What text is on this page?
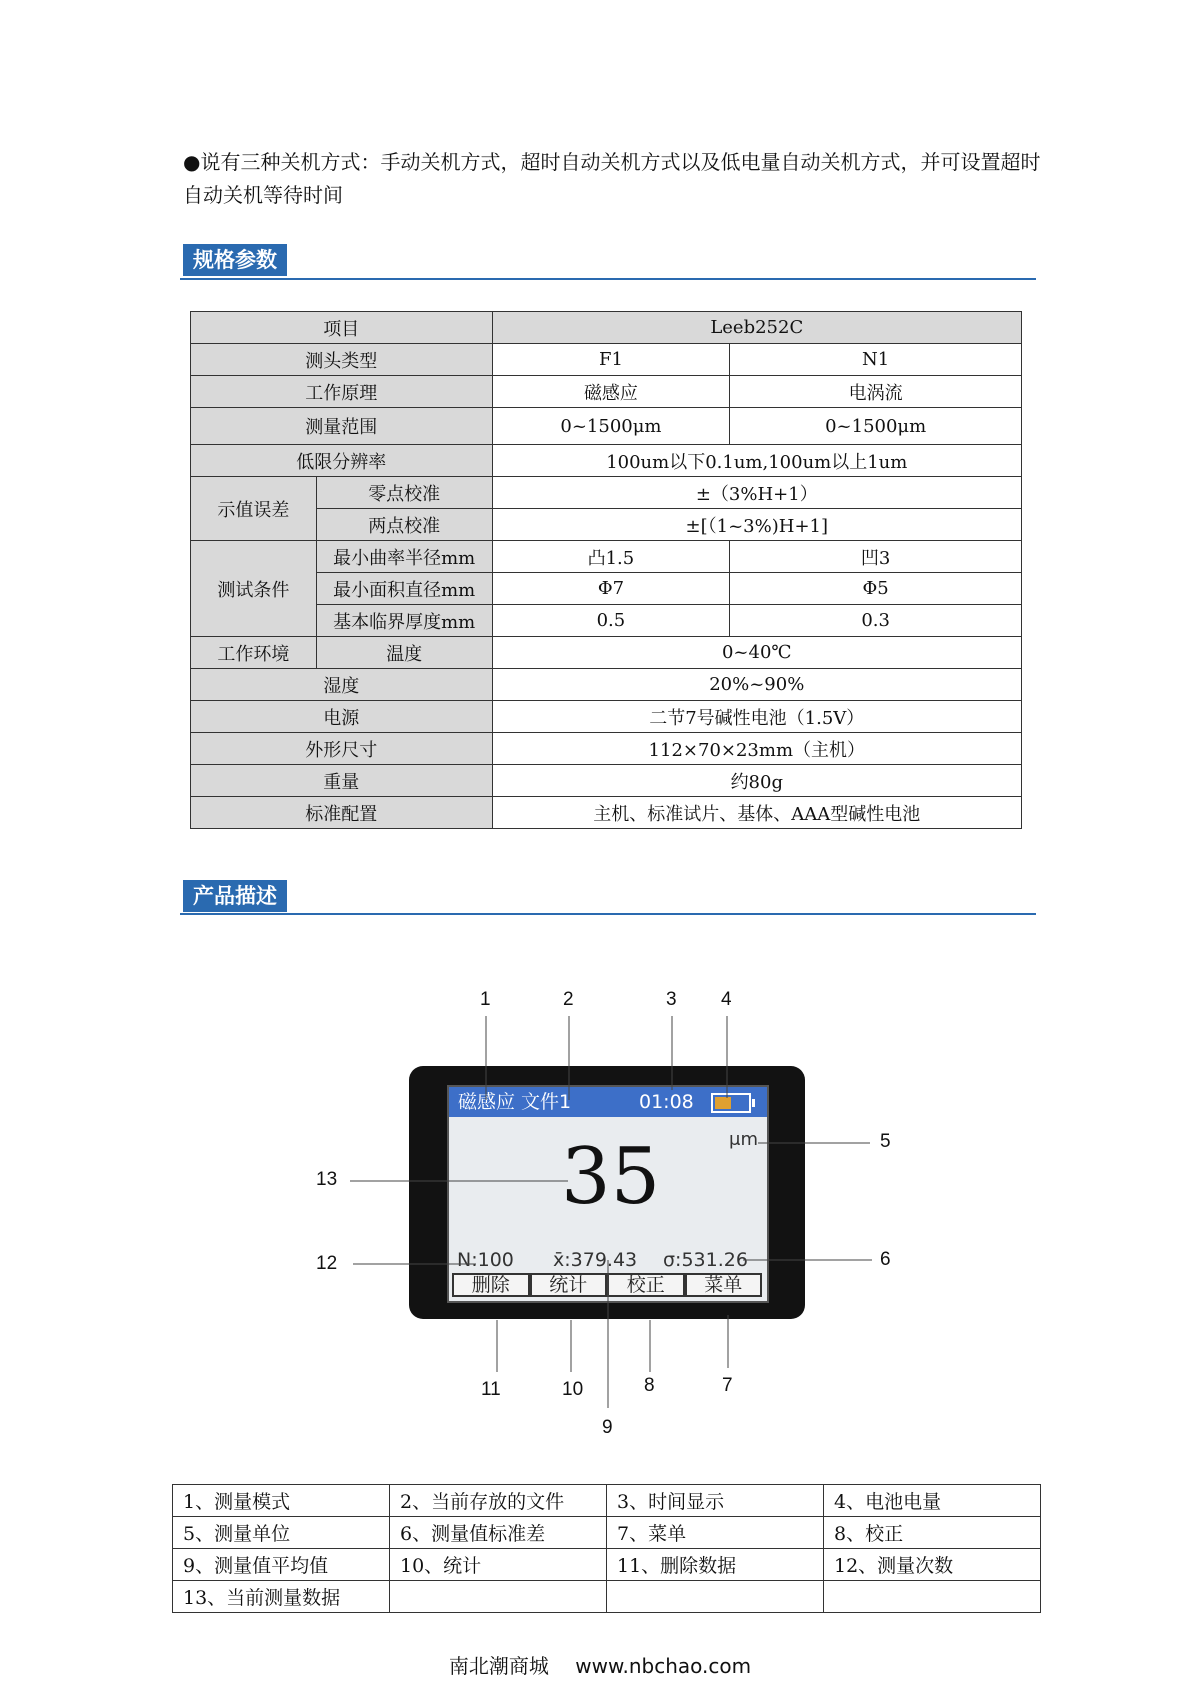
●说有三种关机方式：手动关机方式，超时自动关机方式以及低电量自动关机方式，并可设置超时自动关机等待时间
规格参数
项目		Leeb252C	
测头类型		F1	N1
工作原理		磁感应	电涡流
测量范围		0~1500μm	0~1500μm
低限分辨率		100um以下0.1um,100um以上1um	
示值误差	零点校准	±（3%H+1）	
	两点校准	±[（1~3%)H+1]	
测试条件	最小曲率半径mm	凸1.5	凹3
	最小面积直径mm	Φ7	Φ5
	基本临界厚度mm	0.5	0.3
工作环境	温度	0~40℃	
湿度		20%~90%	
电源		二节7号碱性电池（1.5V）	
外形尺寸		112×70×23mm（主机）	
重量		约80g	
标准配置		主机、标准试片、基体、AAA型碱性电池	
产品描述
磁感应 文件1	01:08
μm
35
N:100 x̄:379.43 σ:531.26
删除	统计	校正	菜单
1	2	3 4
5
6
7
8
9
10
11
12
13
1、测量模式	2、当前存放的文件	3、时间显示	4、电池电量
5、测量单位	6、测量值标准差	7、菜单	8、校正
9、测量值平均值	10、统计	11、删除数据	12、测量次数
13、当前测量数据			
南北潮商城 www.nbchao.com
